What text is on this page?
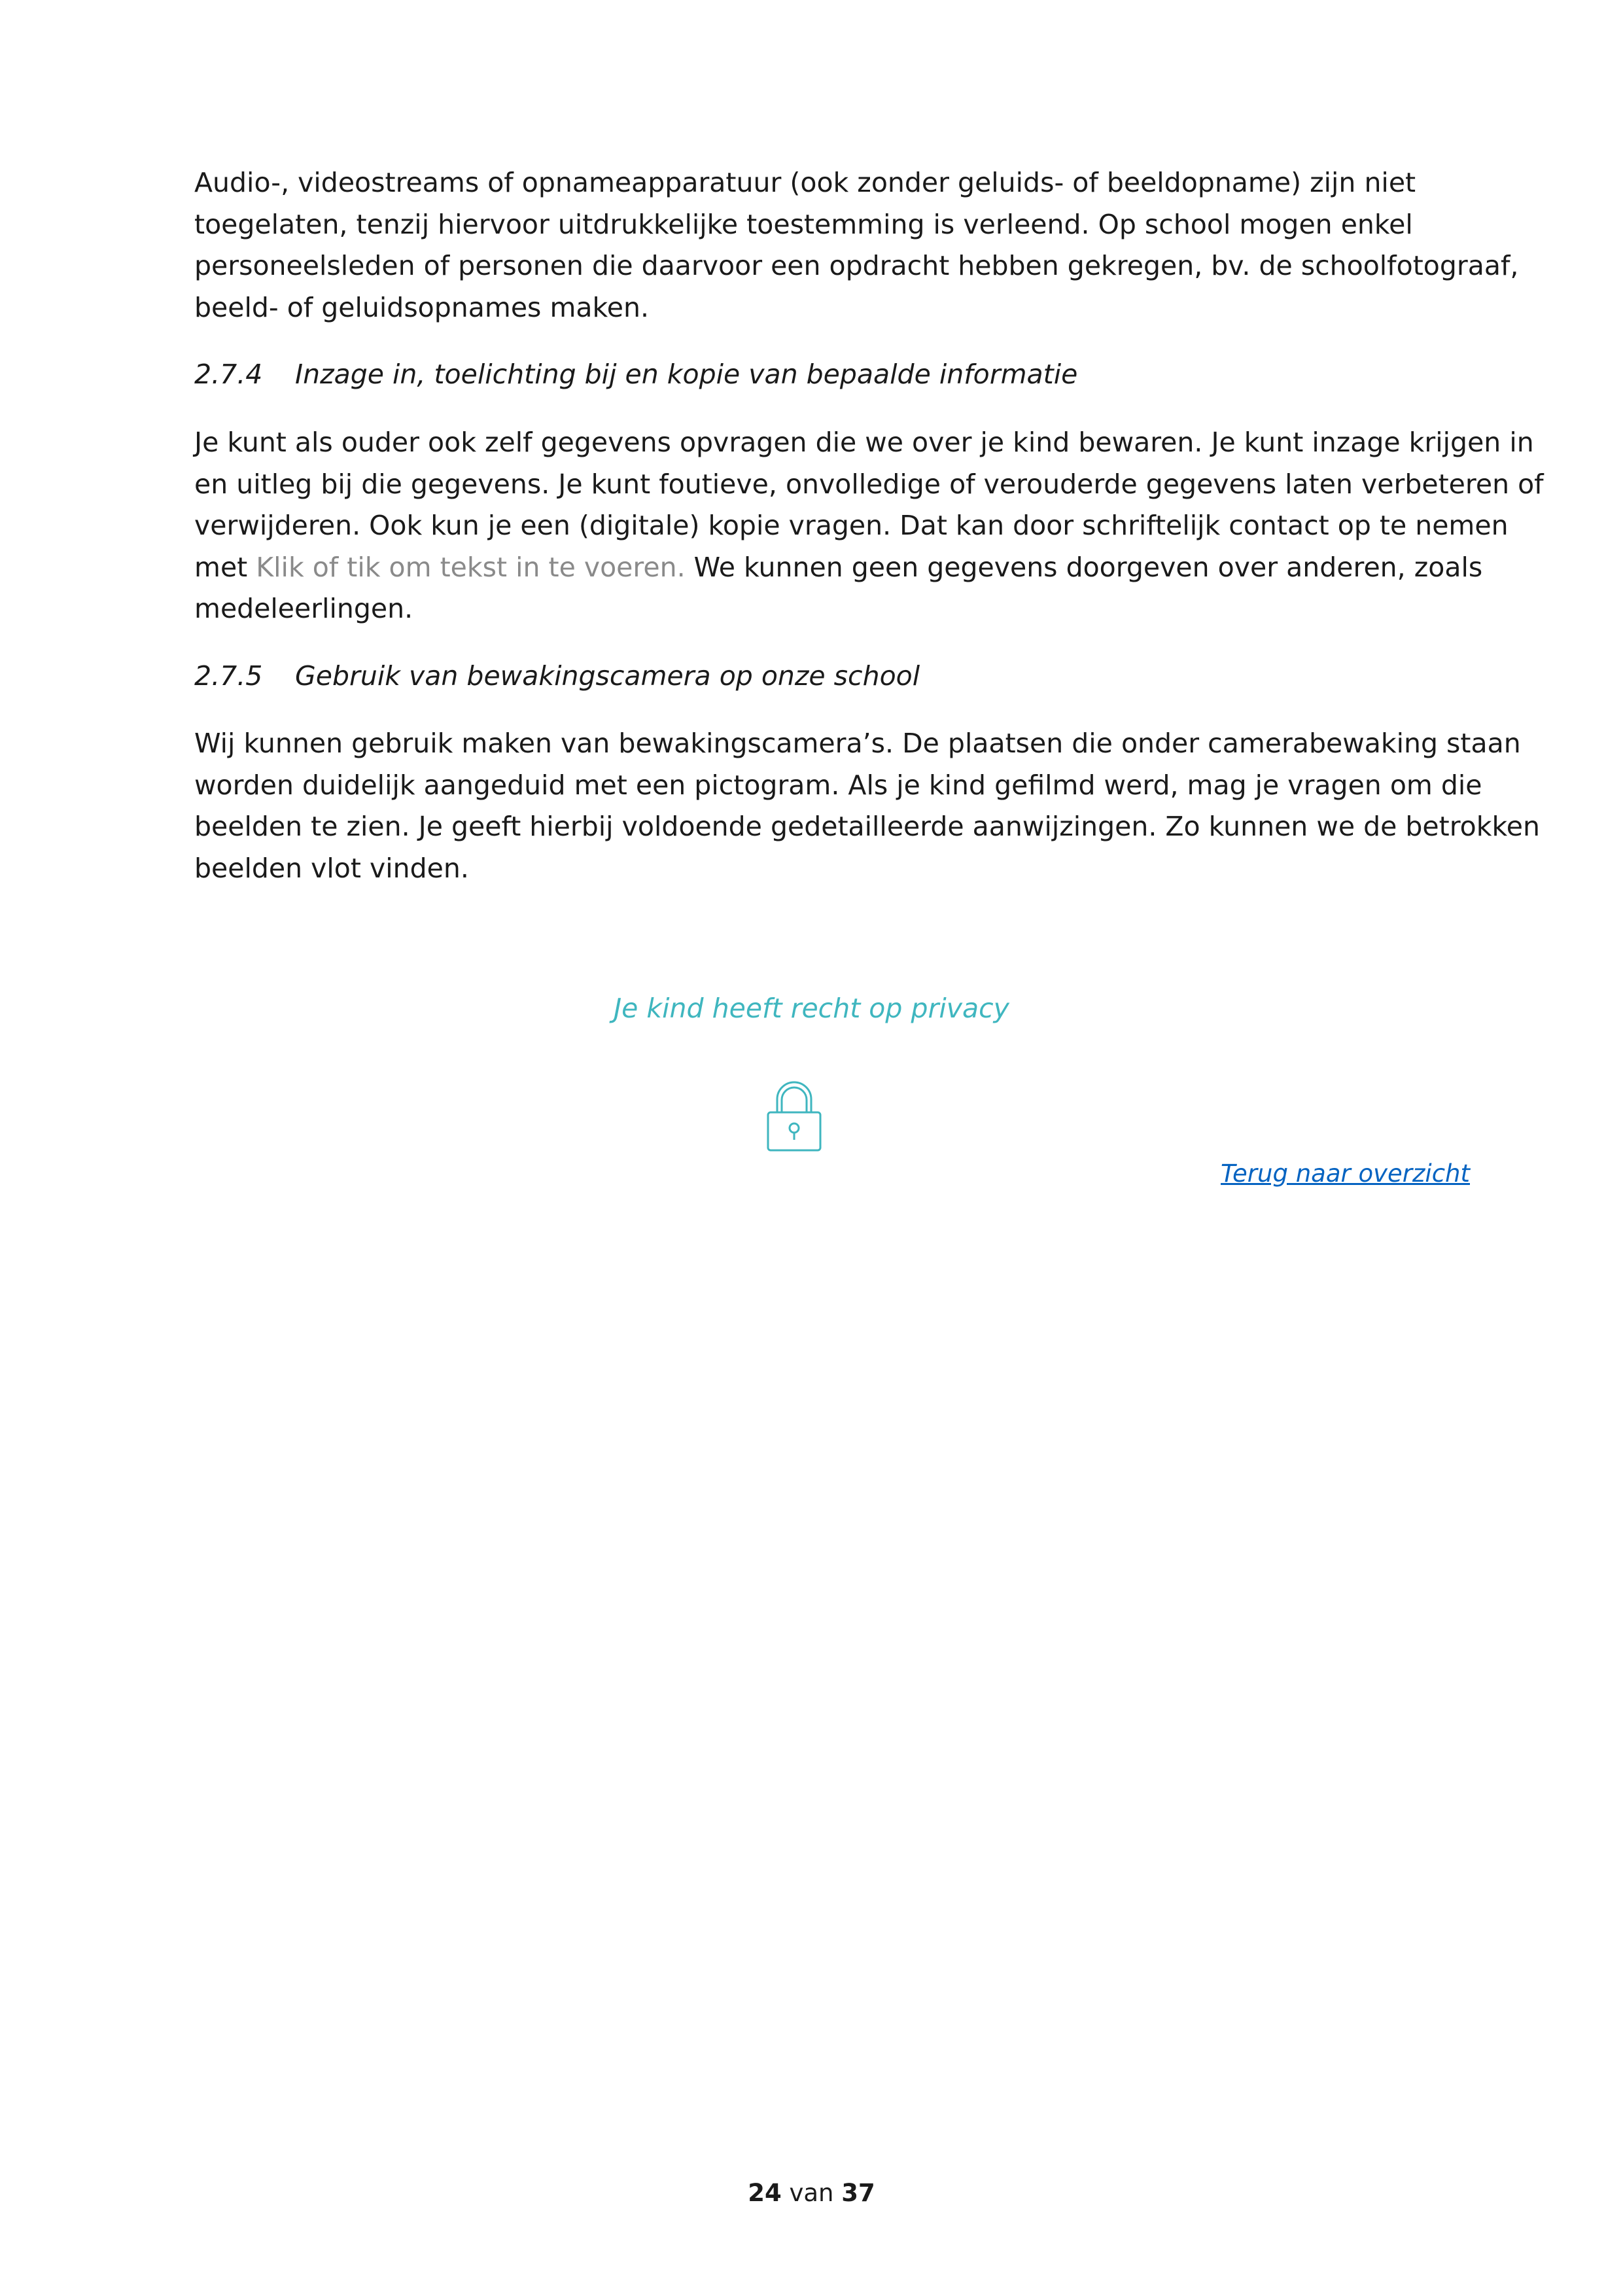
Audio-, videostreams of opnameapparatuur (ook zonder geluids- of beeldopname) zijn niet
toegelaten, tenzij hiervoor uitdrukkelijke toestemming is verleend. Op school mogen enkel
personeelsleden of personen die daarvoor een opdracht hebben gekregen, bv. de schoolfotograaf,
beeld- of geluidsopnames maken.
2.7.4 Inzage in, toelichting bij en kopie van bepaalde informatie
Je kunt als ouder ook zelf gegevens opvragen die we over je kind bewaren. Je kunt inzage krijgen in
en uitleg bij die gegevens. Je kunt foutieve, onvolledige of verouderde gegevens laten verbeteren of
verwijderen. Ook kun je een (digitale) kopie vragen. Dat kan door schriftelijk contact op te nemen
met Klik of tik om tekst in te voeren. We kunnen geen gegevens doorgeven over anderen, zoals
medeleerlingen.
2.7.5 Gebruik van bewakingscamera op onze school
Wij kunnen gebruik maken van bewakingscamera’s. De plaatsen die onder camerabewaking staan
worden duidelijk aangeduid met een pictogram. Als je kind gefilmd werd, mag je vragen om die
beelden te zien. Je geeft hierbij voldoende gedetailleerde aanwijzingen. Zo kunnen we de betrokken
beelden vlot vinden.
Je kind heeft recht op privacy
Terug naar overzicht
24 van 37
